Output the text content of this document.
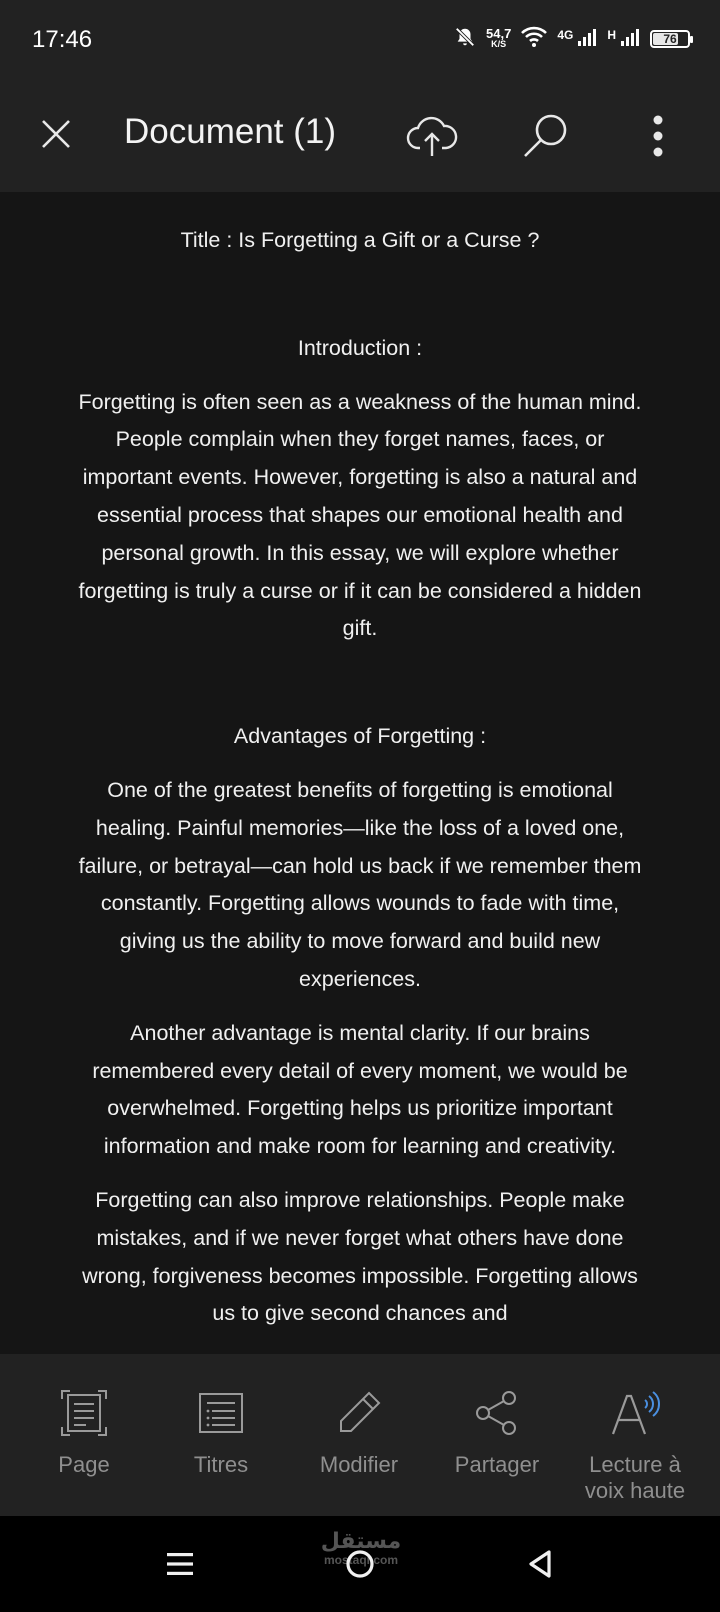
17:46	54,7
K/S
4G	H	76
Document (1)

Title : Is Forgetting a Gift or a Curse ?

Introduction :

Forgetting is often seen as a weakness of the human mind. People complain when they forget names, faces, or important events. However, forgetting is also a natural and essential process that shapes our emotional health and personal growth. In this essay, we will explore whether forgetting is truly a curse or if it can be considered a hidden gift.

Advantages of Forgetting :

One of the greatest benefits of forgetting is emotional healing. Painful memories—like the loss of a loved one, failure, or betrayal—can hold us back if we remember them constantly. Forgetting allows wounds to fade with time, giving us the ability to move forward and build new experiences.

Another advantage is mental clarity. If our brains remembered every detail of every moment, we would be overwhelmed. Forgetting helps us prioritize important information and make room for learning and creativity.

Forgetting can also improve relationships. People make mistakes, and if we never forget what others have done wrong, forgiveness becomes impossible. Forgetting allows us to give second chances and

Page	Titres	Modifier	Partager	Lecture à voix haute
مستقل
mostaql.com
